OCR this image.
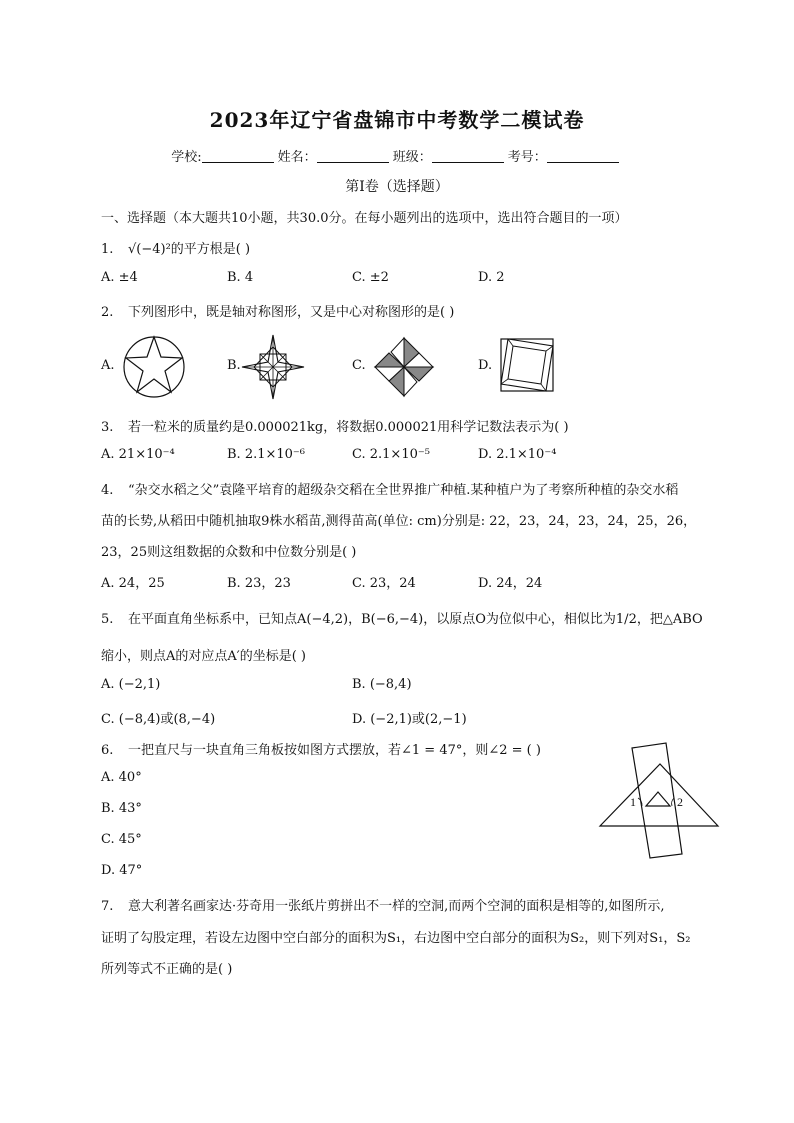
2023年辽宁省盘锦市中考数学二模试卷
学校:	姓名：	班级：	考号：
第I卷（选择题）
一、选择题（本大题共10小题，共30.0分。在每小题列出的选项中，选出符合题目的一项）
1. √(−4)²的平方根是( )
A. ±4	B. 4	C. ±2	D. 2
2. 下列图形中，既是轴对称图形，又是中心对称图形的是( )
A.	B.	C.	D.
3. 若一粒米的质量约是0.000021kg，将数据0.000021用科学记数法表示为( )
A. 21×10⁻⁴	B. 2.1×10⁻⁶	C. 2.1×10⁻⁵	D. 2.1×10⁻⁴
4. “杂交水稻之父”袁隆平培育的超级杂交稻在全世界推广种植.某种植户为了考察所种植的杂交水稻
苗的长势,从稻田中随机抽取9株水稻苗,测得苗高(单位: cm)分别是: 22，23，24，23，24，25，26，
23，25则这组数据的众数和中位数分别是( )
A. 24，25	B. 23，23	C. 23，24	D. 24，24
5. 在平面直角坐标系中，已知点A(−4,2)，B(−6,−4)，以原点O为位似中心，相似比为1/2，把△ABO
缩小，则点A的对应点A′的坐标是( )
A. (−2,1)	B. (−8,4)
C. (−8,4)或(8,−4)	D. (−2,1)或(2,−1)
6. 一把直尺与一块直角三角板按如图方式摆放，若∠1 = 47°，则∠2 = ( )
A. 40°
B. 43°
C. 45°
D. 47°
1	2
7. 意大利著名画家达·芬奇用一张纸片剪拼出不一样的空洞,而两个空洞的面积是相等的,如图所示,
证明了勾股定理，若设左边图中空白部分的面积为S₁，右边图中空白部分的面积为S₂，则下列对S₁，S₂
所列等式不正确的是( )
